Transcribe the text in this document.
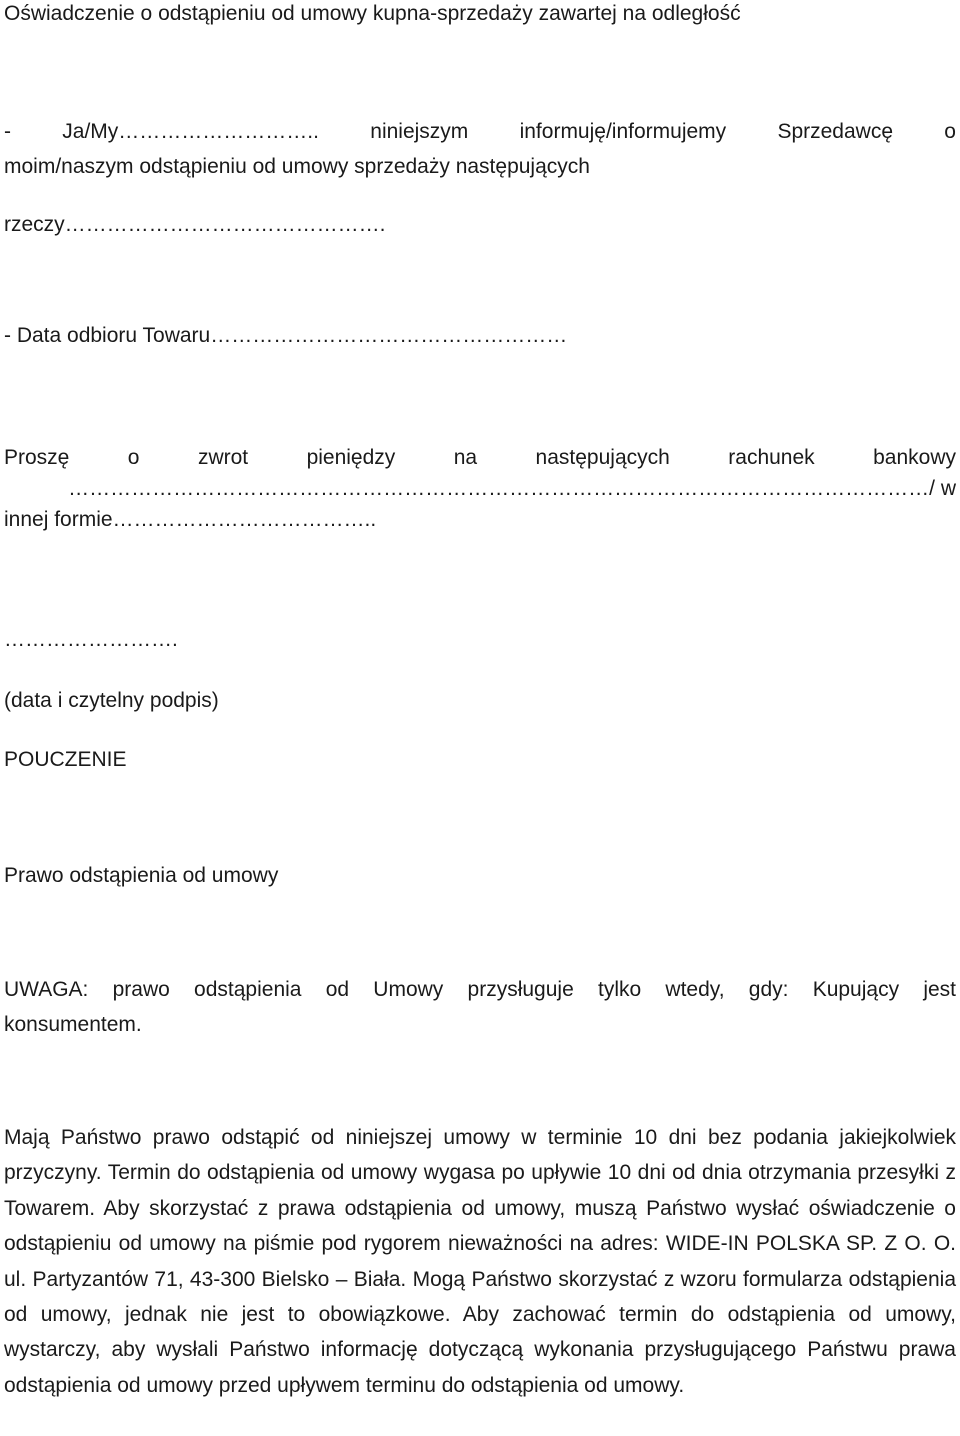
Oświadczenie o odstąpieniu od umowy kupna-sprzedaży zawartej na odległość
- Ja/My……………………….. niniejszym informuję/informujemy Sprzedawcę o
moim/naszym odstąpieniu od umowy sprzedaży następujących
rzeczy……………………………………….
- Data odbioru Towaru……………………………………………
Proszę o zwrot pieniędzy na następujących rachunek bankowy
……………………………………………………………………………………………………………/ w
innej formie………………………………..
…………………….
(data i czytelny podpis)
POUCZENIE
Prawo odstąpienia od umowy
UWAGA: prawo odstąpienia od Umowy przysługuje tylko wtedy, gdy: Kupujący jest
konsumentem.
Mają Państwo prawo odstąpić od niniejszej umowy w terminie 10 dni bez podania jakiejkolwiek przyczyny. Termin do odstąpienia od umowy wygasa po upływie 10 dni od dnia otrzymania przesyłki z Towarem. Aby skorzystać z prawa odstąpienia od umowy, muszą Państwo wysłać oświadczenie o odstąpieniu od umowy na piśmie pod rygorem nieważności na adres: WIDE-IN POLSKA SP. Z O. O. ul. Partyzantów 71, 43-300 Bielsko – Biała. Mogą Państwo skorzystać z wzoru formularza odstąpienia od umowy, jednak nie jest to obowiązkowe. Aby zachować termin do odstąpienia od umowy, wystarczy, aby wysłali Państwo informację dotyczącą wykonania przysługującego Państwu prawa odstąpienia od umowy przed upływem terminu do odstąpienia od umowy.
